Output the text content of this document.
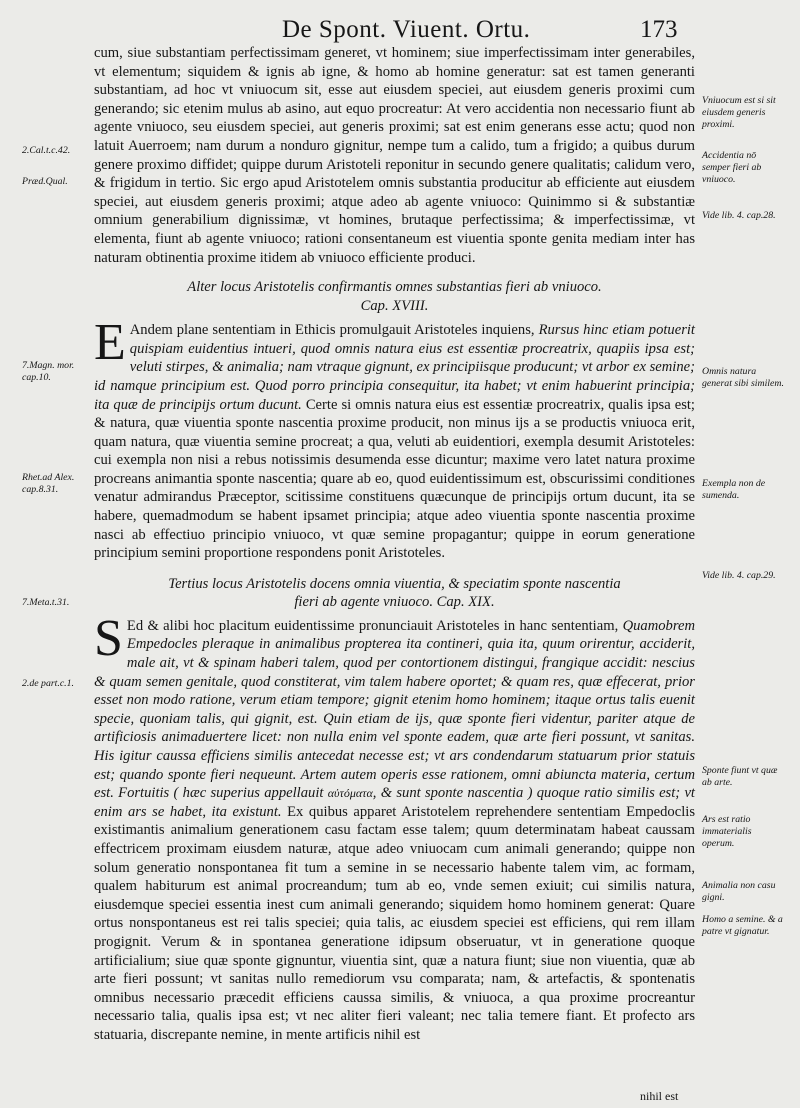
De Spont. Viuent. Ortu.	173

cum, siue substantiam perfectissimam generet, vt hominem; siue imperfectissimam inter generabiles, vt elementum; siquidem & ignis ab igne, & homo ab homine generatur: sat est tamen generanti substantiam, ad hoc vt vniuocum sit, esse aut eiusdem speciei, aut eiusdem generis proximi cum generando; sic etenim mulus ab asino, aut equo procreatur: At vero accidentia non necessario fiunt ab agente vniuoco, seu eiusdem speciei, aut generis proximi; sat est enim generans esse actu; quod non latuit Auerroem; nam durum a nonduro gignitur, nempe tum a calido, tum a frigido; a quibus durum genere proximo diffidet; quippe durum Aristoteli reponitur in secundo genere qualitatis; calidum vero, & frigidum in tertio. Sic ergo apud Aristotelem omnis substantia producitur ab efficiente aut eiusdem speciei, aut eiusdem generis proximi; atque adeo ab agente vniuoco: Quinimmo si & substantiæ omnium generabilium dignissimæ, vt homines, brutaque perfectissima; & imperfectissimæ, vt elementa, fiunt ab agente vniuoco; rationi consentaneum est viuentia sponte genita mediam inter has naturam obtinentia proxime itidem ab vniuoco efficiente produci.

Alter locus Aristotelis confirmantis omnes substantias fieri ab vniuoco.
Cap. XVIII.

E Andem plane sententiam in Ethicis promulgauit Aristoteles inquiens, Rursus hinc etiam potuerit quispiam euidentius intueri, quod omnis natura eius est essentiæ procreatrix, quapiis ipsa est; veluti stirpes, & animalia; nam vtraque gignunt, ex principiisque producunt; vt arbor ex semine; id namque principium est. Quod porro principia consequitur, ita habet; vt enim habuerint principia; ita quæ de principijs ortum ducunt. Certe si omnis natura eius est essentiæ procreatrix, qualis ipsa est; & natura, quæ viuentia sponte nascentia proxime producit, non minus ijs a se productis vniuoca erit, quam natura, quæ viuentia semine procreat; a qua, veluti ab euidentiori, exempla desumit Aristoteles: cui exempla non nisi a rebus notissimis desumenda esse dicuntur; maxime vero latet natura proxime procreans animantia sponte nascentia; quare ab eo, quod euidentissimum est, obscurissimi conditiones venatur admirandus Præceptor, scitissime constituens quæcunque de principijs ortum ducunt, ita se habere, quemadmodum se habent ipsamet principia; atque adeo viuentia sponte nascentia proxime nasci ab effectiuo principio vniuoco, vt quæ semine propagantur; quippe in eorum generatione principium semini proportione respondens ponit Aristoteles.

Tertius locus Aristotelis docens omnia viuentia, & speciatim sponte nascentia
fieri ab agente vniuoco. Cap. XIX.

S Ed & alibi hoc placitum euidentissime pronunciauit Aristoteles in hanc sententiam, Quamobrem Empedocles pleraque in animalibus propterea ita contineri, quia ita, quum orirentur, acciderit, male ait, vt & spinam haberi talem, quod per contortionem distingui, frangique accidit: nescius & quam semen genitale, quod constiterat, vim talem habere oportet; & quam res, quæ effecerat, prior esset non modo ratione, verum etiam tempore; gignit etenim homo hominem; itaque ortus talis euenit specie, quoniam talis, qui gignit, est. Quin etiam de ijs, quæ sponte fieri videntur, pariter atque de artificiosis animaduertere licet: non nulla enim vel sponte eadem, quæ arte fieri possunt, vt sanitas. His igitur caussa efficiens similis antecedat necesse est; vt ars condendarum statuarum prior statuis est; quando sponte fieri nequeunt. Artem autem operis esse rationem, omni abiuncta materia, certum est. Fortuitis ( hæc superius appellauit αὐτόματα, & sunt sponte nascentia ) quoque ratio similis est; vt enim ars se habet, ita existunt. Ex quibus apparet Aristotelem reprehendere sententiam Empedoclis existimantis animalium generationem casu factam esse talem; quum determinatam habeat caussam effectricem proximam eiusdem naturæ, atque adeo vniuocam cum animali generando; quippe non solum generatio nonspontanea fit tum a semine in se necessario habente talem vim, ac formam, qualem habiturum est animal procreandum; tum ab eo, vnde semen exiuit; cui similis natura, eiusdemque speciei essentia inest cum animali generando; siquidem homo hominem generat: Quare ortus nonspontaneus est rei talis speciei; quia talis, ac eiusdem speciei est efficiens, qui rem illam progignit. Verum & in spontanea generatione idipsum obseruatur, vt in generatione quoque artificialium; siue quæ sponte gignuntur, viuentia sint, quæ a natura fiunt; siue non viuentia, quæ ab arte fieri possunt; vt sanitas nullo remediorum vsu comparata; nam, & artefactis, & spontenatis omnibus necessario præcedit efficiens caussa similis, & vniuoca, a qua proxime procreantur necessario talia, qualis ipsa est; vt nec aliter fieri valeant; nec talia temere fiant. Et profecto ars statuaria, discrepante nemine, in mente artificis nihil est

2.Cal.t.c.42.
Præd.Qual.
7.Magn. mor. cap.10.
Rhet.ad Alex. cap.8.31.
7.Meta.t.31.
2.de part.c.1.
Vniuocum est si sit eiusdem generis proximi.
Accidentia nō semper fieri ab vniuoco.
Vide lib. 4. cap.28.
Omnis natura generat sibi similem.
Exempla non de sumenda.
Vide lib. 4. cap.29.
Sponte fiunt vt quæ ab arte.
Ars est ratio immaterialis operum.
Animalia non casu gigni.
Homo a semine. & a patre vt gignatur.
nihil est
